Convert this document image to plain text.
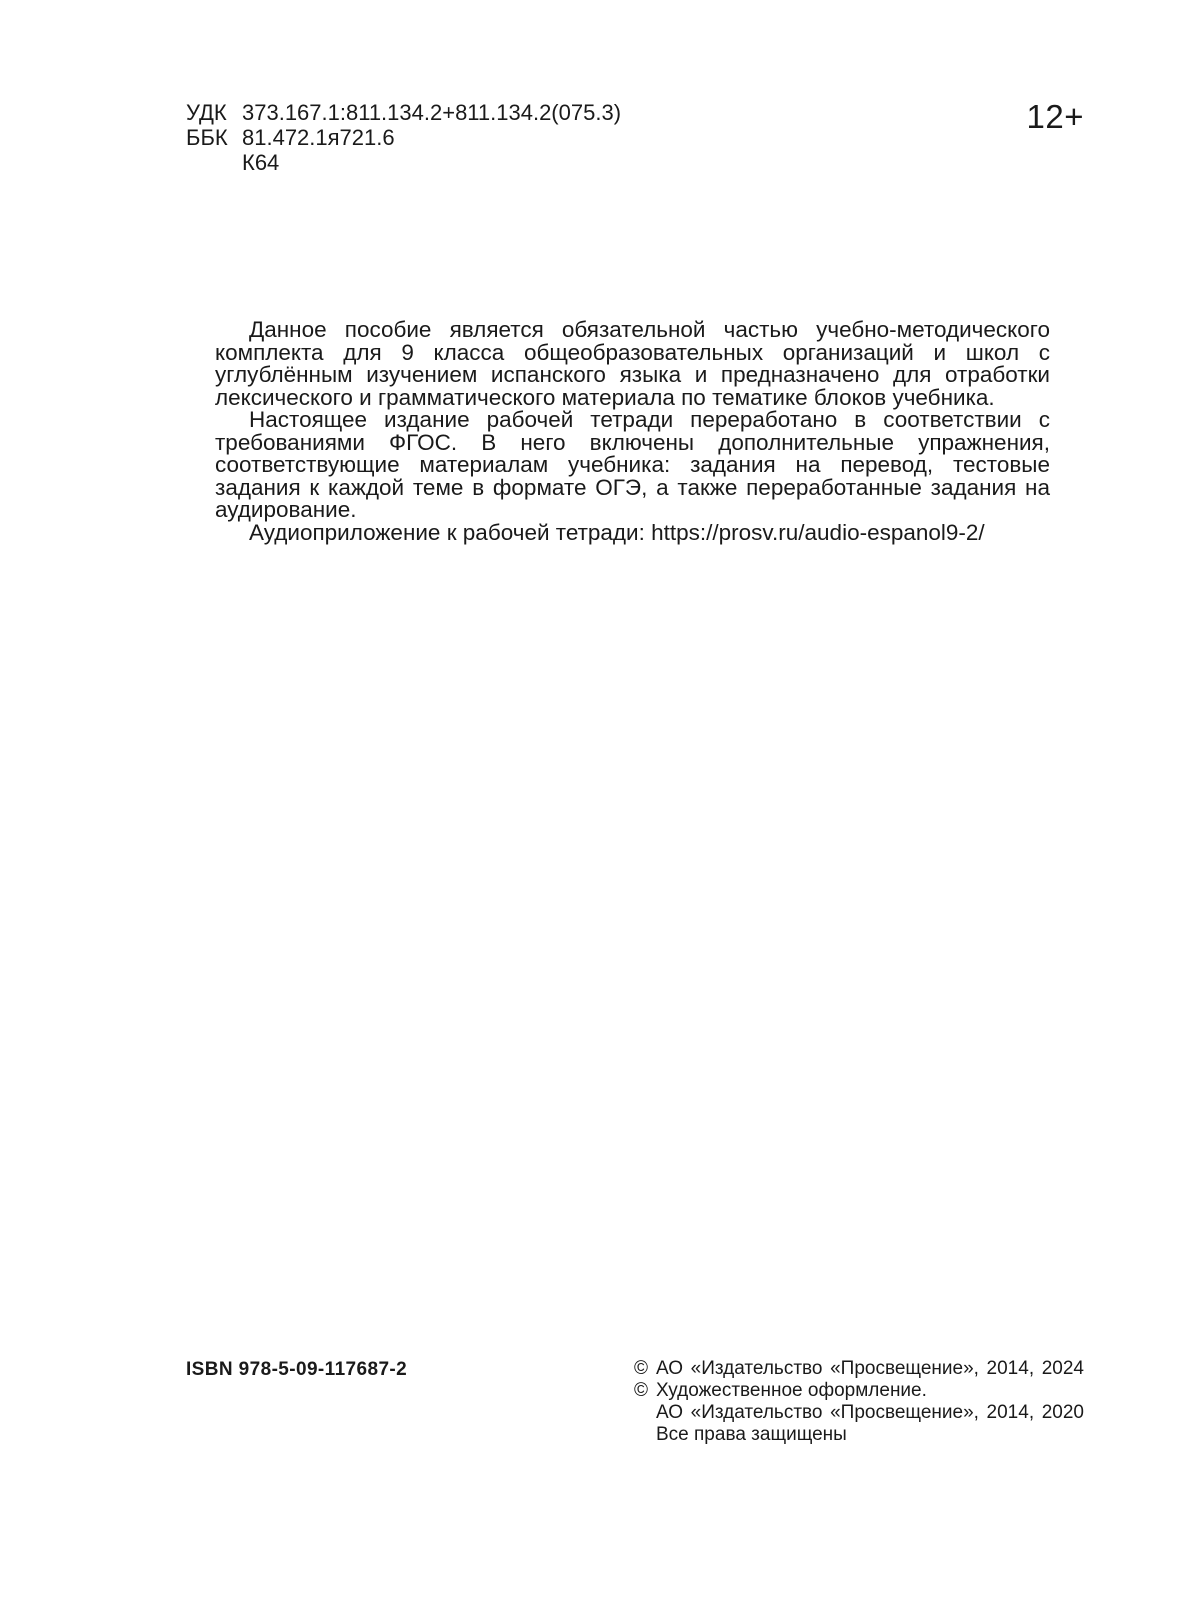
УДК 373.167.1:811.134.2+811.134.2(075.3)
ББК 81.472.1я721.6
К64
12+

Данное пособие является обязательной частью учебно-методического комплекта для 9 класса общеобразовательных организаций и школ с углублённым изучением испанского языка и предназначено для отработки лексического и грамматического материала по тематике блоков учебника.

Настоящее издание рабочей тетради переработано в соответствии с требованиями ФГОС. В него включены дополнительные упражнения, соответствующие материалам учебника: задания на перевод, тестовые задания к каждой теме в формате ОГЭ, а также переработанные задания на аудирование.

Аудиоприложение к рабочей тетради: https://prosv.ru/audio-espanol9-2/

ISBN 978-5-09-117687-2	© АО «Издательство «Просвещение», 2014, 2024
© Художественное оформление.
АО «Издательство «Просвещение», 2014, 2020
Все права защищены
